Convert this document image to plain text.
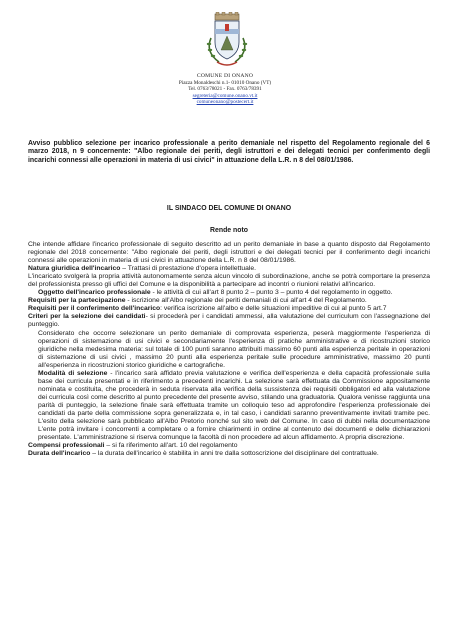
COMUNE DI ONANO
Piazza Monaldeschi n.1- 01010 Onano (VT)
Tel. 0763/78021 - Fax. 0763/78391
segreteria@comune.onano.vt.it
comuneonano@postecert.it
Avviso pubblico selezione per incarico professionale a perito demaniale nel rispetto del Regolamento regionale del 6 marzo 2018, n 9 concernente: "Albo regionale dei periti, degli istruttori e dei delegati tecnici per conferimento degli incarichi connessi alle operazioni in materia di usi civici" in attuazione della L.R. n 8 del 08/01/1986.
IL SINDACO DEL COMUNE DI ONANO
Rende noto

Che intende affidare l'incarico professionale di seguito descritto ad un perito demaniale in base a quanto disposto dal Regolamento regionale del 2018 concernente: "Albo regionale dei periti, degli istruttori e dei delegati tecnici per il conferimento degli incarichi connessi alle operazioni in materia di usi civici in attuazione della L.R. n 8 del 08/01/1986.

Natura giuridica dell'incarico – Trattasi di prestazione d'opera intellettuale.

L'incaricato svolgerà la propria attività autonomamente senza alcun vincolo di subordinazione, anche se potrà comportare la presenza del professionista presso gli uffici del Comune e la disponibilità a partecipare ad incontri o riunioni relativi all'incarico.

Oggetto dell'incarico professionale - le attività di cui all'art 8 punto 2 – punto 3 – punto 4 del regolamento in oggetto.

Requisiti per la partecipazione - iscrizione all'Albo regionale dei periti demaniali di cui all'art 4 del Regolamento.

Requisiti per il conferimento dell'incarico: verifica iscrizione all'albo e delle situazioni impeditive di cui al punto 5 art.7

Criteri per la selezione dei candidati- si procederà per i candidati ammessi, alla valutazione del curriculum con l'assegnazione del punteggio.

Considerato che occorre selezionare un perito demaniale di comprovata esperienza, peserà maggiormente l'esperienza di operazioni di sistemazione di usi civici e secondariamente l'esperienza di pratiche amministrative e di ricostruzioni storico giuridiche nella medesima materia: sul totale di 100 punti saranno attribuiti massimo 60 punti alla esperienza peritale in operazioni di sistemazione di usi civici , massimo 20 punti alla esperienza peritale sulle procedure amministrative, massimo 20 punti all'esperienza in ricostruzioni storico giuridiche e cartografiche.

Modalità di selezione - l'incarico sarà affidato previa valutazione e verifica dell'esperienza e della capacità professionale sulla base dei curricula presentati e in riferimento a precedenti incarichi. La selezione sarà effettuata da Commissione appositamente nominata e costituita, che procederà in seduta riservata alla verifica della sussistenza dei requisiti obbligatori ed alla valutazione dei curricula così come descritto al punto precedente del presente avviso, stilando una graduatoria. Qualora venisse raggiunta una parità di punteggio, la selezione finale sarà effettuata tramite un colloquio teso ad approfondire l'esperienza professionale dei candidati da parte della commissione sopra generalizzata e, in tal caso, i candidati saranno preventivamente invitati tramite pec. L'esito della selezione sarà pubblicato all'Albo Pretorio nonché sul sito web del Comune. In caso di dubbi nella documentazione L'ente potrà invitare i concorrenti a completare o a fornire chiarimenti in ordine al contenuto dei documenti e delle dichiarazioni presentate. L'amministrazione si riserva comunque la facoltà di non procedere ad alcun affidamento. A propria discrezione.

Compensi professionali – si fa riferimento all'art. 10 del regolamento

Durata dell'incarico – la durata dell'incarico è stabilita in anni tre dalla sottoscrizione del disciplinare del contrattuale.
